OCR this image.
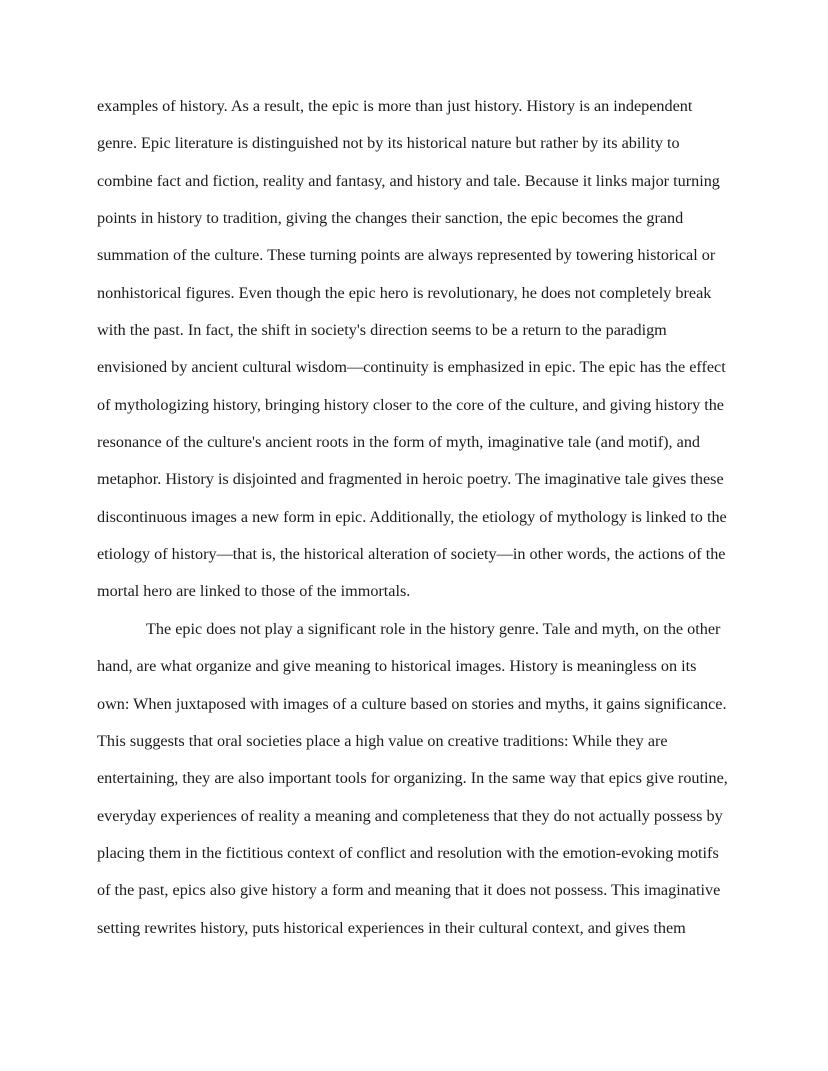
examples of history. As a result, the epic is more than just history. History is an independent
genre. Epic literature is distinguished not by its historical nature but rather by its ability to
combine fact and fiction, reality and fantasy, and history and tale. Because it links major turning
points in history to tradition, giving the changes their sanction, the epic becomes the grand
summation of the culture. These turning points are always represented by towering historical or
nonhistorical figures. Even though the epic hero is revolutionary, he does not completely break
with the past. In fact, the shift in society's direction seems to be a return to the paradigm
envisioned by ancient cultural wisdom—continuity is emphasized in epic. The epic has the effect
of mythologizing history, bringing history closer to the core of the culture, and giving history the
resonance of the culture's ancient roots in the form of myth, imaginative tale (and motif), and
metaphor. History is disjointed and fragmented in heroic poetry. The imaginative tale gives these
discontinuous images a new form in epic. Additionally, the etiology of mythology is linked to the
etiology of history—that is, the historical alteration of society—in other words, the actions of the
mortal hero are linked to those of the immortals.
The epic does not play a significant role in the history genre. Tale and myth, on the other
hand, are what organize and give meaning to historical images. History is meaningless on its
own: When juxtaposed with images of a culture based on stories and myths, it gains significance.
This suggests that oral societies place a high value on creative traditions: While they are
entertaining, they are also important tools for organizing. In the same way that epics give routine,
everyday experiences of reality a meaning and completeness that they do not actually possess by
placing them in the fictitious context of conflict and resolution with the emotion-evoking motifs
of the past, epics also give history a form and meaning that it does not possess. This imaginative
setting rewrites history, puts historical experiences in their cultural context, and gives them
